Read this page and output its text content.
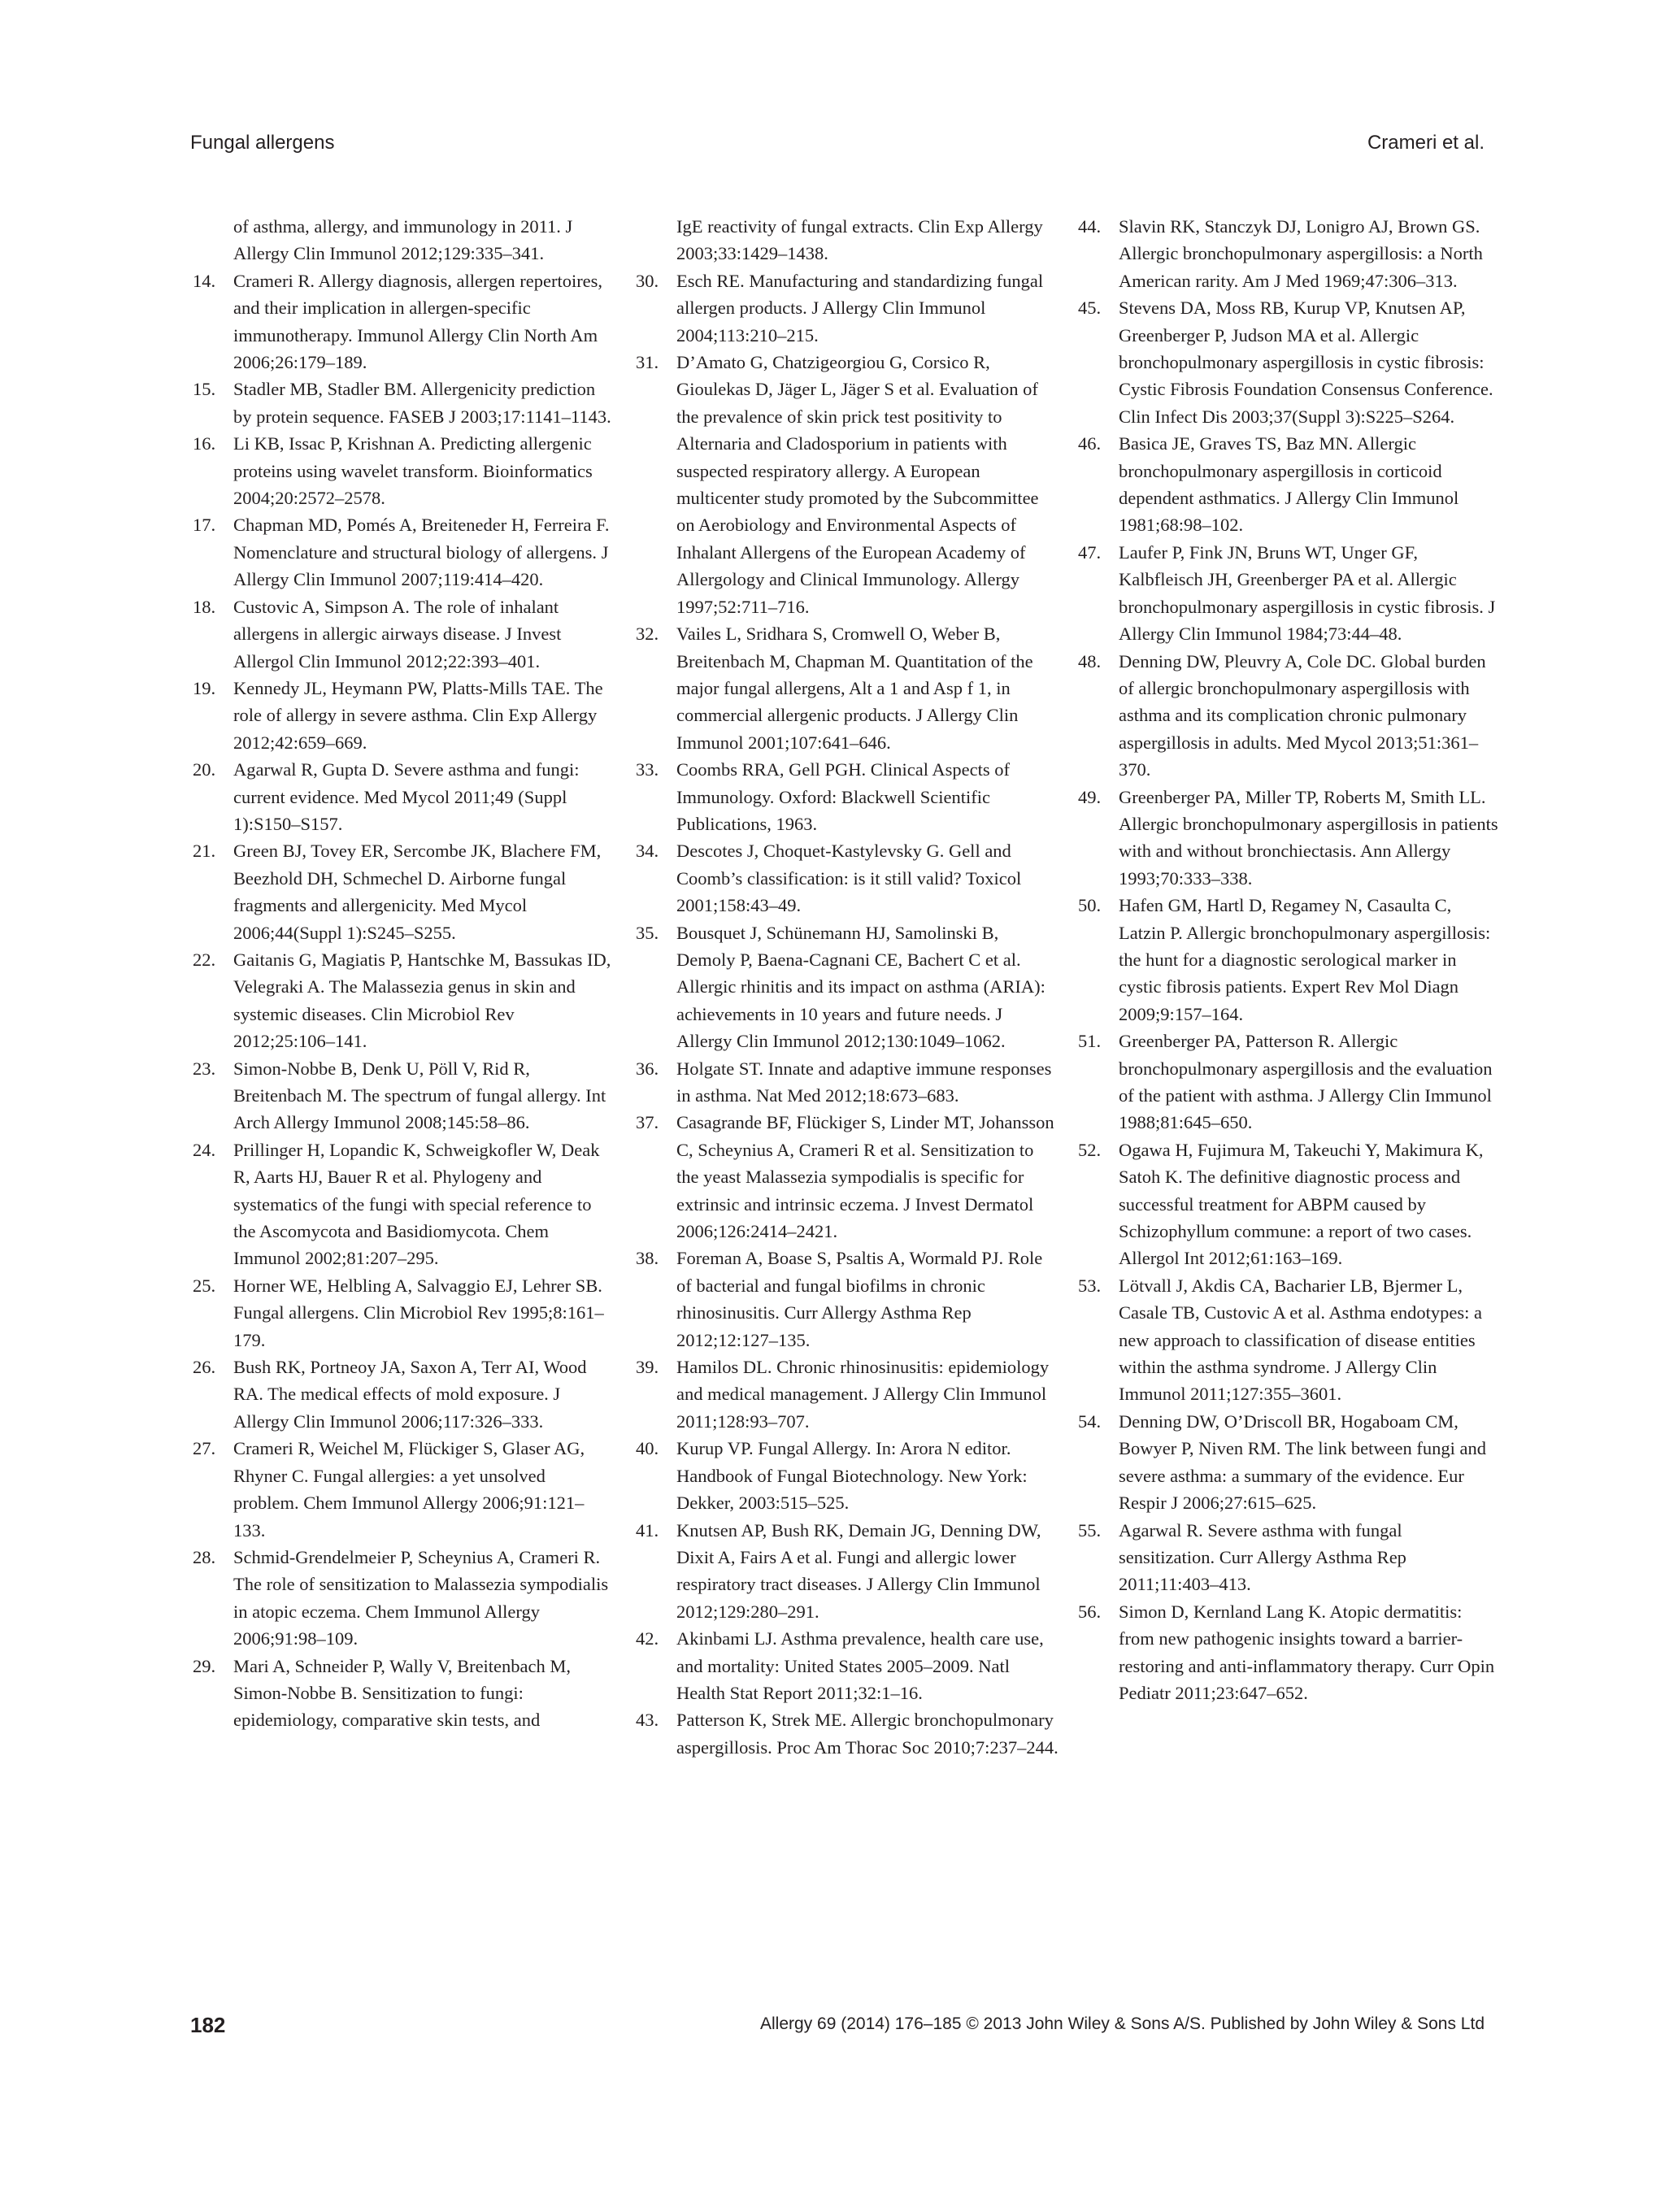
Fungal allergens	Crameri et al.
of asthma, allergy, and immunology in 2011. J Allergy Clin Immunol 2012;129:335–341.
14. Crameri R. Allergy diagnosis, allergen repertoires, and their implication in allergen-specific immunotherapy. Immunol Allergy Clin North Am 2006;26:179–189.
15. Stadler MB, Stadler BM. Allergenicity prediction by protein sequence. FASEB J 2003;17:1141–1143.
16. Li KB, Issac P, Krishnan A. Predicting allergenic proteins using wavelet transform. Bioinformatics 2004;20:2572–2578.
17. Chapman MD, Pomés A, Breiteneder H, Ferreira F. Nomenclature and structural biology of allergens. J Allergy Clin Immunol 2007;119:414–420.
18. Custovic A, Simpson A. The role of inhalant allergens in allergic airways disease. J Invest Allergol Clin Immunol 2012;22:393–401.
19. Kennedy JL, Heymann PW, Platts-Mills TAE. The role of allergy in severe asthma. Clin Exp Allergy 2012;42:659–669.
20. Agarwal R, Gupta D. Severe asthma and fungi: current evidence. Med Mycol 2011;49 (Suppl 1):S150–S157.
21. Green BJ, Tovey ER, Sercombe JK, Blachere FM, Beezhold DH, Schmechel D. Airborne fungal fragments and allergenicity. Med Mycol 2006;44(Suppl 1):S245–S255.
22. Gaitanis G, Magiatis P, Hantschke M, Bassukas ID, Velegraki A. The Malassezia genus in skin and systemic diseases. Clin Microbiol Rev 2012;25:106–141.
23. Simon-Nobbe B, Denk U, Pöll V, Rid R, Breitenbach M. The spectrum of fungal allergy. Int Arch Allergy Immunol 2008;145:58–86.
24. Prillinger H, Lopandic K, Schweigkofler W, Deak R, Aarts HJ, Bauer R et al. Phylogeny and systematics of the fungi with special reference to the Ascomycota and Basidiomycota. Chem Immunol 2002;81:207–295.
25. Horner WE, Helbling A, Salvaggio EJ, Lehrer SB. Fungal allergens. Clin Microbiol Rev 1995;8:161–179.
26. Bush RK, Portneoy JA, Saxon A, Terr AI, Wood RA. The medical effects of mold exposure. J Allergy Clin Immunol 2006;117:326–333.
27. Crameri R, Weichel M, Flückiger S, Glaser AG, Rhyner C. Fungal allergies: a yet unsolved problem. Chem Immunol Allergy 2006;91:121–133.
28. Schmid-Grendelmeier P, Scheynius A, Crameri R. The role of sensitization to Malassezia sympodialis in atopic eczema. Chem Immunol Allergy 2006;91:98–109.
29. Mari A, Schneider P, Wally V, Breitenbach M, Simon-Nobbe B. Sensitization to fungi: epidemiology, comparative skin tests, and
IgE reactivity of fungal extracts. Clin Exp Allergy 2003;33:1429–1438.
30. Esch RE. Manufacturing and standardizing fungal allergen products. J Allergy Clin Immunol 2004;113:210–215.
31. D’Amato G, Chatzigeorgiou G, Corsico R, Gioulekas D, Jäger L, Jäger S et al. Evaluation of the prevalence of skin prick test positivity to Alternaria and Cladosporium in patients with suspected respiratory allergy. A European multicenter study promoted by the Subcommittee on Aerobiology and Environmental Aspects of Inhalant Allergens of the European Academy of Allergology and Clinical Immunology. Allergy 1997;52:711–716.
32. Vailes L, Sridhara S, Cromwell O, Weber B, Breitenbach M, Chapman M. Quantitation of the major fungal allergens, Alt a 1 and Asp f 1, in commercial allergenic products. J Allergy Clin Immunol 2001;107:641–646.
33. Coombs RRA, Gell PGH. Clinical Aspects of Immunology. Oxford: Blackwell Scientific Publications, 1963.
34. Descotes J, Choquet-Kastylevsky G. Gell and Coomb’s classification: is it still valid? Toxicol 2001;158:43–49.
35. Bousquet J, Schünemann HJ, Samolinski B, Demoly P, Baena-Cagnani CE, Bachert C et al. Allergic rhinitis and its impact on asthma (ARIA): achievements in 10 years and future needs. J Allergy Clin Immunol 2012;130:1049–1062.
36. Holgate ST. Innate and adaptive immune responses in asthma. Nat Med 2012;18:673–683.
37. Casagrande BF, Flückiger S, Linder MT, Johansson C, Scheynius A, Crameri R et al. Sensitization to the yeast Malassezia sympodialis is specific for extrinsic and intrinsic eczema. J Invest Dermatol 2006;126:2414–2421.
38. Foreman A, Boase S, Psaltis A, Wormald PJ. Role of bacterial and fungal biofilms in chronic rhinosinusitis. Curr Allergy Asthma Rep 2012;12:127–135.
39. Hamilos DL. Chronic rhinosinusitis: epidemiology and medical management. J Allergy Clin Immunol 2011;128:93–707.
40. Kurup VP. Fungal Allergy. In: Arora N editor. Handbook of Fungal Biotechnology. New York: Dekker, 2003:515–525.
41. Knutsen AP, Bush RK, Demain JG, Denning DW, Dixit A, Fairs A et al. Fungi and allergic lower respiratory tract diseases. J Allergy Clin Immunol 2012;129:280–291.
42. Akinbami LJ. Asthma prevalence, health care use, and mortality: United States 2005–2009. Natl Health Stat Report 2011;32:1–16.
43. Patterson K, Strek ME. Allergic bronchopulmonary aspergillosis. Proc Am Thorac Soc 2010;7:237–244.
44. Slavin RK, Stanczyk DJ, Lonigro AJ, Brown GS. Allergic bronchopulmonary aspergillosis: a North American rarity. Am J Med 1969;47:306–313.
45. Stevens DA, Moss RB, Kurup VP, Knutsen AP, Greenberger P, Judson MA et al. Allergic bronchopulmonary aspergillosis in cystic fibrosis: Cystic Fibrosis Foundation Consensus Conference. Clin Infect Dis 2003;37(Suppl 3):S225–S264.
46. Basica JE, Graves TS, Baz MN. Allergic bronchopulmonary aspergillosis in corticoid dependent asthmatics. J Allergy Clin Immunol 1981;68:98–102.
47. Laufer P, Fink JN, Bruns WT, Unger GF, Kalbfleisch JH, Greenberger PA et al. Allergic bronchopulmonary aspergillosis in cystic fibrosis. J Allergy Clin Immunol 1984;73:44–48.
48. Denning DW, Pleuvry A, Cole DC. Global burden of allergic bronchopulmonary aspergillosis with asthma and its complication chronic pulmonary aspergillosis in adults. Med Mycol 2013;51:361–370.
49. Greenberger PA, Miller TP, Roberts M, Smith LL. Allergic bronchopulmonary aspergillosis in patients with and without bronchiectasis. Ann Allergy 1993;70:333–338.
50. Hafen GM, Hartl D, Regamey N, Casaulta C, Latzin P. Allergic bronchopulmonary aspergillosis: the hunt for a diagnostic serological marker in cystic fibrosis patients. Expert Rev Mol Diagn 2009;9:157–164.
51. Greenberger PA, Patterson R. Allergic bronchopulmonary aspergillosis and the evaluation of the patient with asthma. J Allergy Clin Immunol 1988;81:645–650.
52. Ogawa H, Fujimura M, Takeuchi Y, Makimura K, Satoh K. The definitive diagnostic process and successful treatment for ABPM caused by Schizophyllum commune: a report of two cases. Allergol Int 2012;61:163–169.
53. Lötvall J, Akdis CA, Bacharier LB, Bjermer L, Casale TB, Custovic A et al. Asthma endotypes: a new approach to classification of disease entities within the asthma syndrome. J Allergy Clin Immunol 2011;127:355–3601.
54. Denning DW, O’Driscoll BR, Hogaboam CM, Bowyer P, Niven RM. The link between fungi and severe asthma: a summary of the evidence. Eur Respir J 2006;27:615–625.
55. Agarwal R. Severe asthma with fungal sensitization. Curr Allergy Asthma Rep 2011;11:403–413.
56. Simon D, Kernland Lang K. Atopic dermatitis: from new pathogenic insights toward a barrier-restoring and anti-inflammatory therapy. Curr Opin Pediatr 2011;23:647–652.
182	Allergy 69 (2014) 176–185 © 2013 John Wiley & Sons A/S. Published by John Wiley & Sons Ltd
